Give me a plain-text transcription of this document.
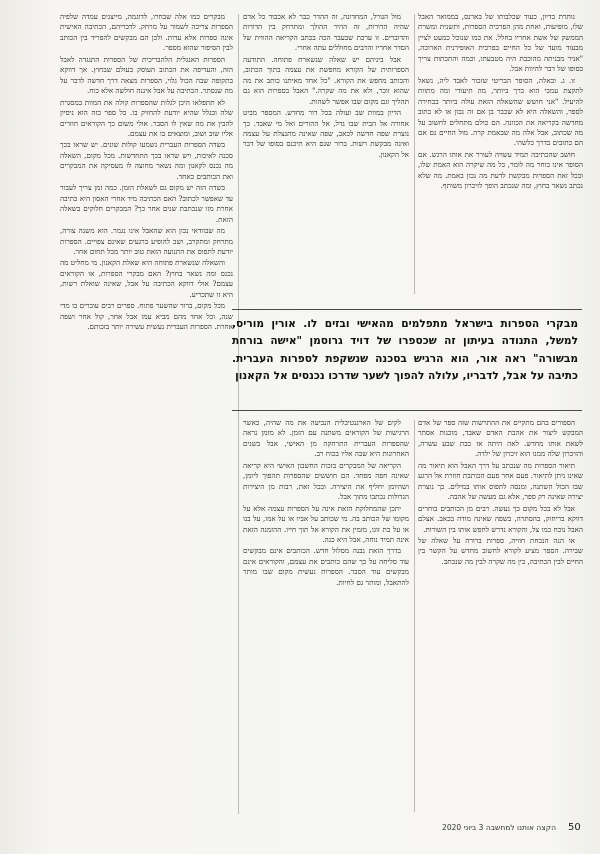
נותרת בדיון, כעוד שכלבותו של בארנס, בממואר האבל שלו, מופיעות, ואחת מהן הפרכית הספרות, ותשנית ומשרת הממשק של אשת אחריו בחלל. את כמו שנוכל כמעט לציין מבעוד מועד של כל החיים בפרכית האופירנית הארוכה, "אניר מבניתה מהוכבת היה מטבעתו, וכמה והתכתות צריך בסופו של דבר להיוות אבל.

זו. ג. ובאלה, הסופר הבריטי שזכור לאבד ליה, נשאל לתקצת עמבי הוא כרך ביותר, מה תיעודי ומה מתוות להיעיל. "אני חושש שהשאלה הזאת עולה ביותר בבחירה לספר, והשאלה היא לא שכבר בן אם זה נכון או לא כתוב מחדשה בקריאה את הכוונה. הם כולם מתחלים לחשוב על מה שכתוב, אבל אלה מה שבאמת קרה. מול החיים גם אם הם כתובים בדרך כלשהי.

חושב שהכתיבה תמיד עשויה לעורר את אותו הרגש. אם הסופר אינו בוחר מה לומר, כל מה שיקרה הוא האמת שלו, ובכל זאת הספרות מבקשת לדעת מה נכון באמת. מה שלא נכתב נשאר בחוץ, ומה שנכתב הופך לזיכרון משותף.

מול הגורל, המחדונה, זה ההדר כבר לא אכבוד כל אדם שהיה הדורות, זה ההיר ההולך ומתרחק בין הדורות והדוברים. זו ערכת שבעבר הכה בכתב הקריאה ההווית של הסדר אחריו והרבים מחוללים עתה אחרי.

אבל ביניהם יש שאלה שנשארת פתוחה. התודעה הספרותית של הקורא מחפשת את עצמה בתוך הכתוב, והכותב מחפש את הקורא. "כל אחד מאיתנו כותב את מה שהוא זוכר, ולא את מה שקרה." האבל בספרות הוא גם תהליך וגם מקום שבו אפשר לשהות.

הדיון במוות שב ועולה בכל דור מחדש. המספר מביט אחורה אל הבית שבו גדל, אל ההורים ואל מי שאבד. כך נוצרת שפה חדשה לכאב, שפה שאינה מתנצלת על עצמה ואינה מבקשת רשות. ברור שגם היא תיכנס בסופו של דבר אל הקאנון.

מבקרים כמו אלה שבחרו, לדוגמה, מייצגים עמדה שלפיה הספרות צריכה לשמור על מרחק. לדבריהם, הכתיבה האישית אינה ספרות אלא עדות. ולכן הם מבקשים להפריד בין הכותב לבין הסיפור שהוא מספר.

הספרות האנגלית הלהבריכית של הספרות התנגדה לאבל הזה, והעדיפה את הכתוב העוסק בעולם שבחוץ. אך דווקא בתקופה שבה הכול גלוי, הספרות מצאה דרך חדשה לדבר על מה שנסתר. הכתיבה על אבל איננה חולשה אלא כוח.

לא תתפלאו היכן לגלות שהספרות קולה את המוות במסגרת שלה ובגלל שהיא יודעת להחזיק בו. כל ספר כזה הוא ניסיון להבין את מה שאין לו הסבר. אולי משום כך הקוראים חוזרים אליו שוב ושוב, ומוצאים בו את עצמם.

בשדה הספרות העברית נשמעו קולות שונים. יש שראו בכך סכנה לאיכות, ויש שראו בכך התחדשות. מכל מקום, השאלה מה נכנס לקאנון ומה נשאר מחוצה לו מעסיקה את המבקרים ואת הכותבים כאחד.

בשדה הזה יש מקום גם לשאלת הזמן. כמה זמן צריך לעבור עד שאפשר לכתוב? האם הכתיבה מיד אחרי האסון היא כתיבה אחרת מזו שנכתבת שנים אחר כך? המבקרים חלוקים בשאלה הזאת.

מה שבוודאי נכון הוא שהאבל אינו נגמר. הוא משנה צורה, מתרחק ומתקרב, ושב להופיע ברגעים שאינם צפויים. הספרות יודעת לתפוס את התנועה הזאת טוב יותר מכל תחום אחר.

והשאלה שנשארת פתוחה היא שאלת הקאנון. מי מחליט מה נכנס ומה נשאר בחוץ? האם מבקרי הספרות, או הקוראים עצמם? אולי דווקא הכתיבה על אבל, שאינה שואלת רשות, היא זו שתכריע.

מכל מקום, ברור שהשער פתוח. ספרים רבים עוברים בו מדי שנה, וכל אחד מהם מביא עמו אבל אחר, קול אחר ושפה אחרת. הספרות העברית נעשית עשירה יותר בזכותם. מבקרי הספרות בישראל מתפלמים מהאישי ובזים לו. אורין מוריס, למשל, התנודה בעיתון זה שכספרו של דויד גרוסמן "אישה בורחת מבשורה" ראה אור, הוא הרגיש בסכנה שנשקפת לספרות העברית. כתיבה על אבל, לדבריו, עלולה להפוך לשער שדרכו נכנסים אל הקאנון

הספורים בהם מתקיים את ההתרשות שזה ספר של אדם המבקש ליצור את אהבת האדם שאבד, מוכנות אסתר לשאת אותו מחדש. לאה היתה אז כבת שבע עשרה, והזיכרון שלה ממנו הוא זיכרון של ילדה.

תיאור הספרות מה שנכתב על דרך האבל הוא תיאור מה שאינו ניתן לתיאור. פעם אחר פעם הכותבת חוזרת אל הרגע שבו הכול השתנה, ומנסה לתפוס אותו במילים. כך נוצרת יצירה שאינה רק ספר, אלא גם מעשה של אהבה.

אבל לא בכל מקום כך נעשה. רבים מן הכותבים בוחרים דווקא בריחוק, בהסתרה, בשפה שאינה מודה בכאב. אצלם האבל נוכח כמו צל, והקורא נדרש לחפש אותו בין השורות.

או הנה הנכחת חוויה, ספרות ברורה על שאלה של שבירה. הספר מציע לקורא לחשוב מחדש על הקשר בין החיים לבין הכתיבה, בין מה שקרה לבין מה שנכתב.

לקים של הארגנטיבלית הנביעה את מה שהיה, כאשר הרגישות של הקוראים משתנה עם הזמן. לא מזמן נראה שהספרות העברית התרחקה מן האישי, אבל בשנים האחרונות היא שבה אליו בכוח רב.

הקריאה של המבקרים בזכות החשבון האישי היא קריאה שאינה חפה מפחד. הם חוששים שהספרות תהפוך ליומן, ושהיומן יחליף את היצירה. ובכל זאת, רבות מן היצירות הגדולות נכתבו מתוך אבל.

יתכן שהמחלוקת הזאת אינה על הספרות עצמה אלא על מקומו של הכותב בה. מי שכותב על אביו או על אמו, על בנו או על בת זוגו, מזמין את הקורא אל תוך חייו. ההזמנה הזאת אינה תמיד נוחה, אבל היא כנה.

בדרך הזאת נבנה מסלול חדש. הכותבים אינם מבקשים עוד סליחה על כך שהם כותבים את עצמם, והקוראים אינם מבקשים עוד הסבר. הספרות נעשית מקום שבו מותר להתאבל, ומותר גם לחיות.

50
הקצה אותנו למחשבה 3 ביוני 2020
